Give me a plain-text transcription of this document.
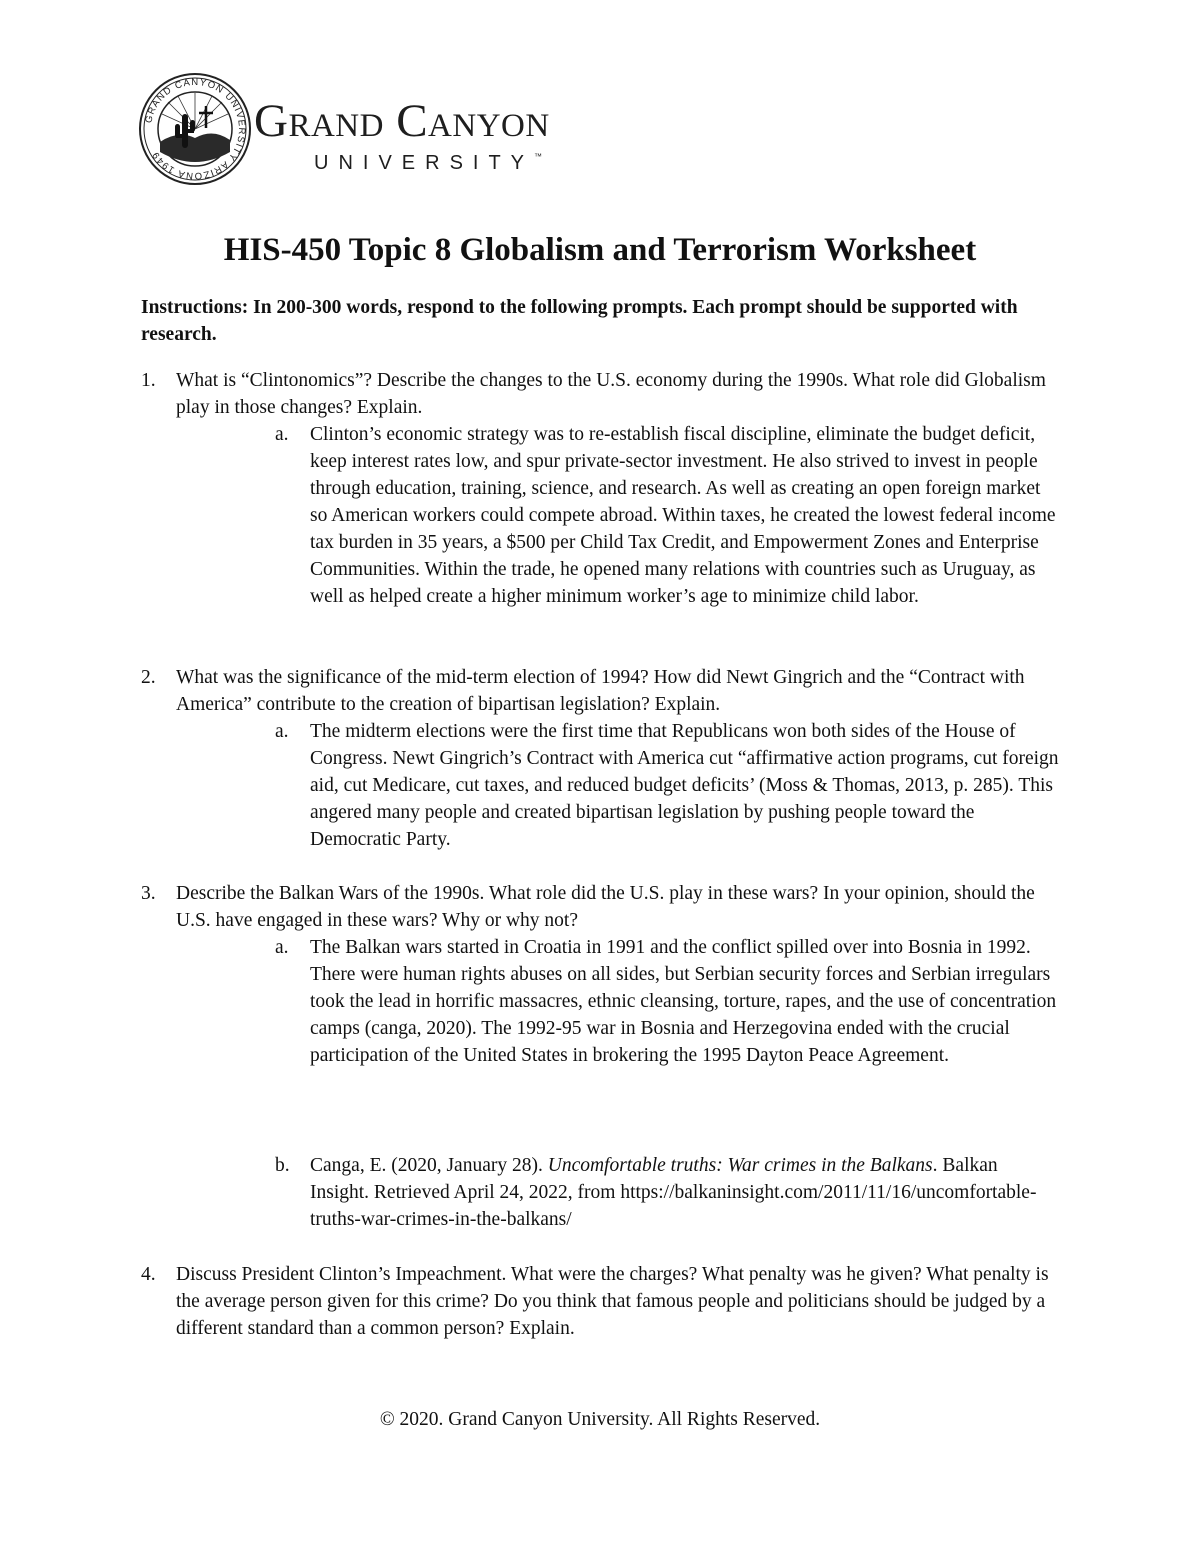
GRAND CANYON UNIVERSITY ARIZONA 1949
Grand Canyon
UNIVERSITY™
HIS-450 Topic 8 Globalism and Terrorism Worksheet

Instructions: In 200-300 words, respond to the following prompts. Each prompt should be supported with research.

1. What is “Clintonomics”? Describe the changes to the U.S. economy during the 1990s. What role did Globalism play in those changes? Explain.
a. Clinton’s economic strategy was to re-establish fiscal discipline, eliminate the budget deficit, keep interest rates low, and spur private-sector investment. He also strived to invest in people through education, training, science, and research. As well as creating an open foreign market so American workers could compete abroad. Within taxes, he created the lowest federal income tax burden in 35 years, a $500 per Child Tax Credit, and Empowerment Zones and Enterprise Communities. Within the trade, he opened many relations with countries such as Uruguay, as well as helped create a higher minimum worker’s age to minimize child labor.
2. What was the significance of the mid-term election of 1994? How did Newt Gingrich and the “Contract with America” contribute to the creation of bipartisan legislation? Explain.
a. The midterm elections were the first time that Republicans won both sides of the House of Congress. Newt Gingrich’s Contract with America cut “affirmative action programs, cut foreign aid, cut Medicare, cut taxes, and reduced budget deficits’ (Moss & Thomas, 2013, p. 285). This angered many people and created bipartisan legislation by pushing people toward the Democratic Party.
3. Describe the Balkan Wars of the 1990s. What role did the U.S. play in these wars? In your opinion, should the U.S. have engaged in these wars? Why or why not?
a. The Balkan wars started in Croatia in 1991 and the conflict spilled over into Bosnia in 1992. There were human rights abuses on all sides, but Serbian security forces and Serbian irregulars took the lead in horrific massacres, ethnic cleansing, torture, rapes, and the use of concentration camps (canga, 2020). The 1992-95 war in Bosnia and Herzegovina ended with the crucial participation of the United States in brokering the 1995 Dayton Peace Agreement.
b. Canga, E. (2020, January 28). Uncomfortable truths: War crimes in the Balkans. Balkan Insight. Retrieved April 24, 2022, from https://balkaninsight.com/2011/11/16/uncomfortable-truths-war-crimes-in-the-balkans/
4. Discuss President Clinton’s Impeachment. What were the charges? What penalty was he given? What penalty is the average person given for this crime? Do you think that famous people and politicians should be judged by a different standard than a common person? Explain.
© 2020. Grand Canyon University. All Rights Reserved.
